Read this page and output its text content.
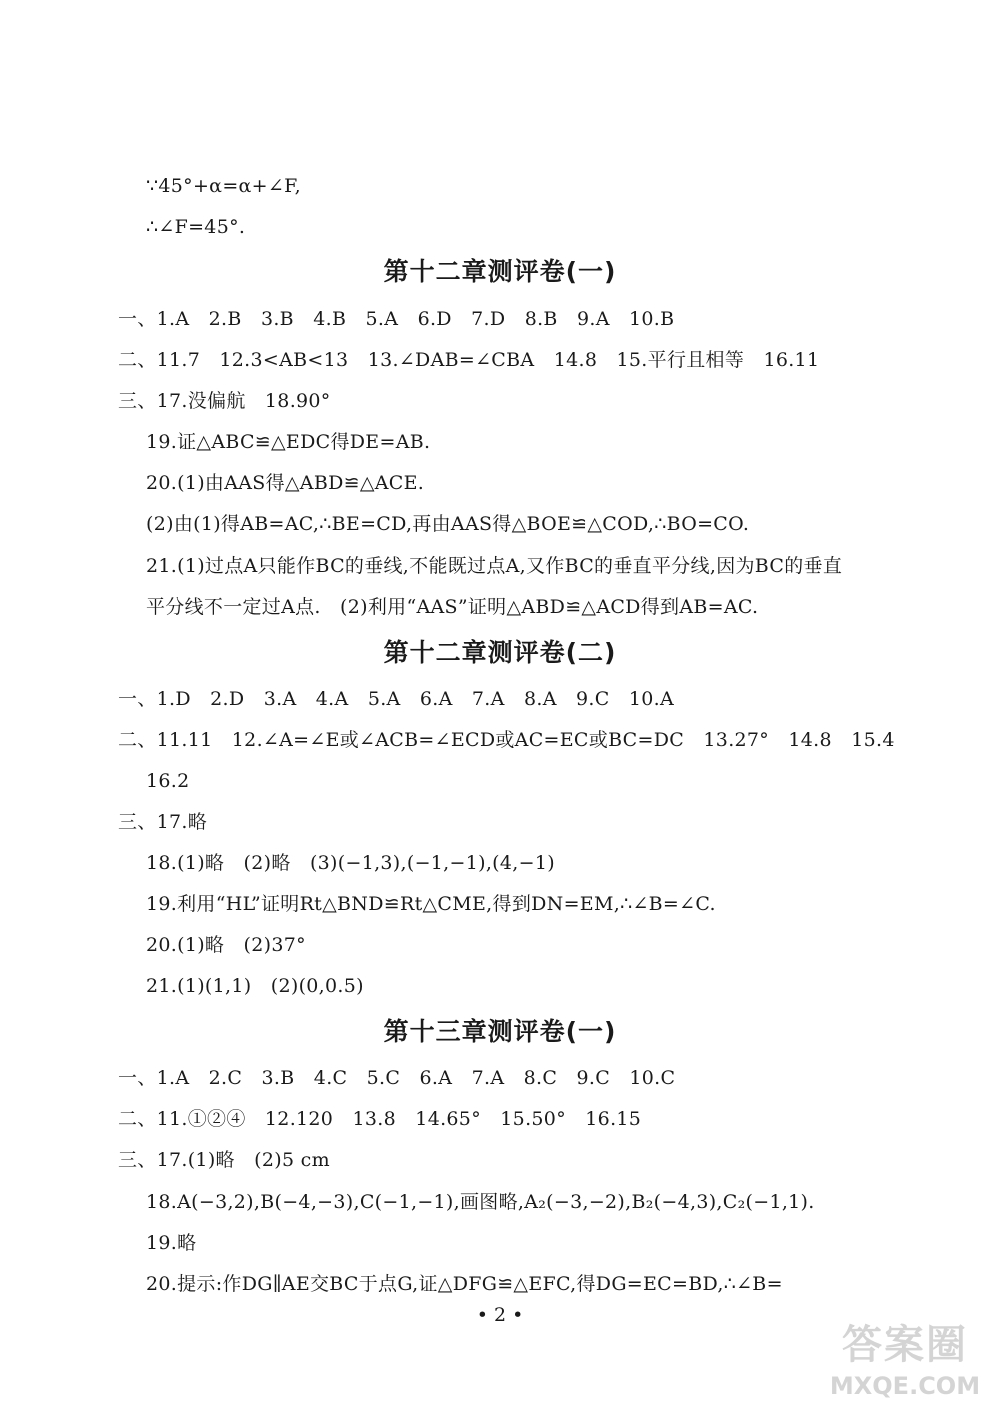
∵45°+α=α+∠F,
∴∠F=45°.
第十二章测评卷(一)
一、1.A　2.B　3.B　4.B　5.A　6.D　7.D　8.B　9.A　10.B
二、11.7　12.3<AB<13　13.∠DAB=∠CBA　14.8　15.平行且相等　16.11
三、17.没偏航　18.90°
19.证△ABC≌△EDC得DE=AB.
20.(1)由AAS得△ABD≌△ACE.
(2)由(1)得AB=AC,∴BE=CD,再由AAS得△BOE≌△COD,∴BO=CO.
21.(1)过点A只能作BC的垂线,不能既过点A,又作BC的垂直平分线,因为BC的垂直
平分线不一定过A点.　(2)利用“AAS”证明△ABD≌△ACD得到AB=AC.
第十二章测评卷(二)
一、1.D　2.D　3.A　4.A　5.A　6.A　7.A　8.A　9.C　10.A
二、11.11　12.∠A=∠E或∠ACB=∠ECD或AC=EC或BC=DC　13.27°　14.8　15.4
16.2
三、17.略
18.(1)略　(2)略　(3)(−1,3),(−1,−1),(4,−1)
19.利用“HL”证明Rt△BND≌Rt△CME,得到DN=EM,∴∠B=∠C.
20.(1)略　(2)37°
21.(1)(1,1)　(2)(0,0.5)
第十三章测评卷(一)
一、1.A　2.C　3.B　4.C　5.C　6.A　7.A　8.C　9.C　10.C
二、11.①②④　12.120　13.8　14.65°　15.50°　16.15
三、17.(1)略　(2)5 cm
18.A(−3,2),B(−4,−3),C(−1,−1),画图略,A₂(−3,−2),B₂(−4,3),C₂(−1,1).
19.略
20.提示:作DG∥AE交BC于点G,证△DFG≌△EFC,得DG=EC=BD,∴∠B=
• 2 •
答案圈
MXQE.COM
